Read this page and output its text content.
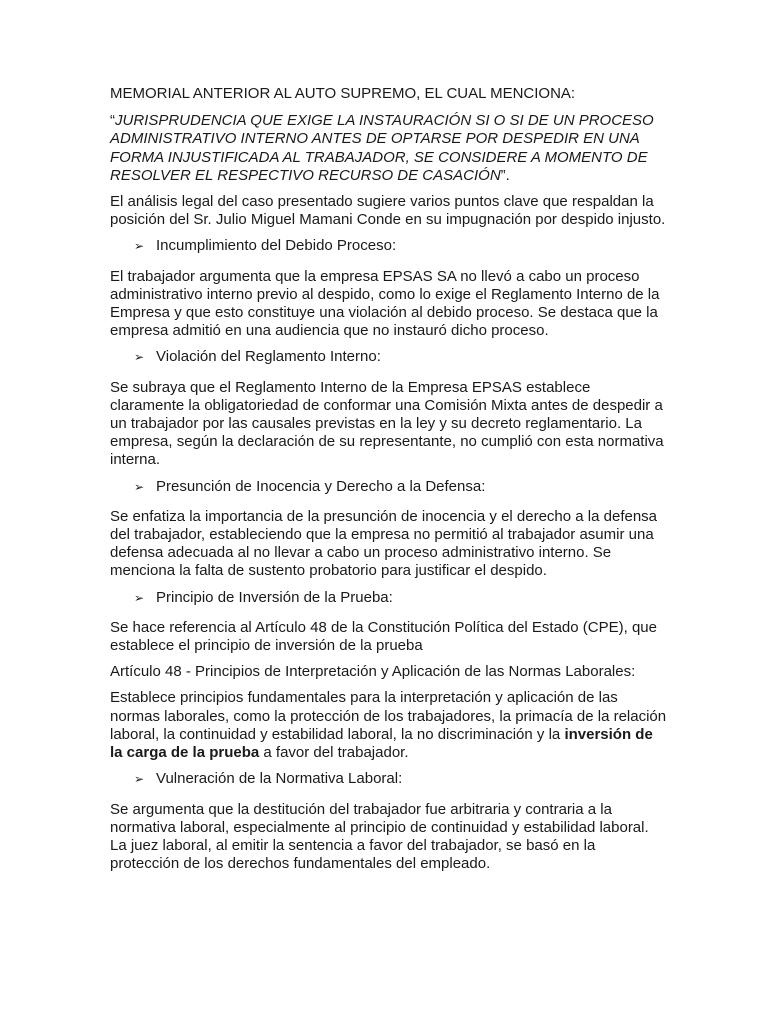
MEMORIAL ANTERIOR AL AUTO SUPREMO, EL CUAL MENCIONA:

“JURISPRUDENCIA QUE EXIGE LA INSTAURACIÓN SI O SI DE UN PROCESO ADMINISTRATIVO INTERNO ANTES DE OPTARSE POR DESPEDIR EN UNA FORMA INJUSTIFICADA AL TRABAJADOR, SE CONSIDERE A MOMENTO DE RESOLVER EL RESPECTIVO RECURSO DE CASACIÓN”.

El análisis legal del caso presentado sugiere varios puntos clave que respaldan la posición del Sr. Julio Miguel Mamani Conde en su impugnación por despido injusto.

➢ Incumplimiento del Debido Proceso:

El trabajador argumenta que la empresa EPSAS SA no llevó a cabo un proceso administrativo interno previo al despido, como lo exige el Reglamento Interno de la Empresa y que esto constituye una violación al debido proceso. Se destaca que la empresa admitió en una audiencia que no instauró dicho proceso.

➢ Violación del Reglamento Interno:

Se subraya que el Reglamento Interno de la Empresa EPSAS establece claramente la obligatoriedad de conformar una Comisión Mixta antes de despedir a un trabajador por las causales previstas en la ley y su decreto reglamentario. La empresa, según la declaración de su representante, no cumplió con esta normativa interna.

➢ Presunción de Inocencia y Derecho a la Defensa:

Se enfatiza la importancia de la presunción de inocencia y el derecho a la defensa del trabajador, estableciendo que la empresa no permitió al trabajador asumir una defensa adecuada al no llevar a cabo un proceso administrativo interno. Se menciona la falta de sustento probatorio para justificar el despido.

➢ Principio de Inversión de la Prueba:

Se hace referencia al Artículo 48 de la Constitución Política del Estado (CPE), que establece el principio de inversión de la prueba

Artículo 48 - Principios de Interpretación y Aplicación de las Normas Laborales:

Establece principios fundamentales para la interpretación y aplicación de las normas laborales, como la protección de los trabajadores, la primacía de la relación laboral, la continuidad y estabilidad laboral, la no discriminación y la inversión de la carga de la prueba a favor del trabajador.

➢ Vulneración de la Normativa Laboral:

Se argumenta que la destitución del trabajador fue arbitraria y contraria a la normativa laboral, especialmente al principio de continuidad y estabilidad laboral. La juez laboral, al emitir la sentencia a favor del trabajador, se basó en la protección de los derechos fundamentales del empleado.
